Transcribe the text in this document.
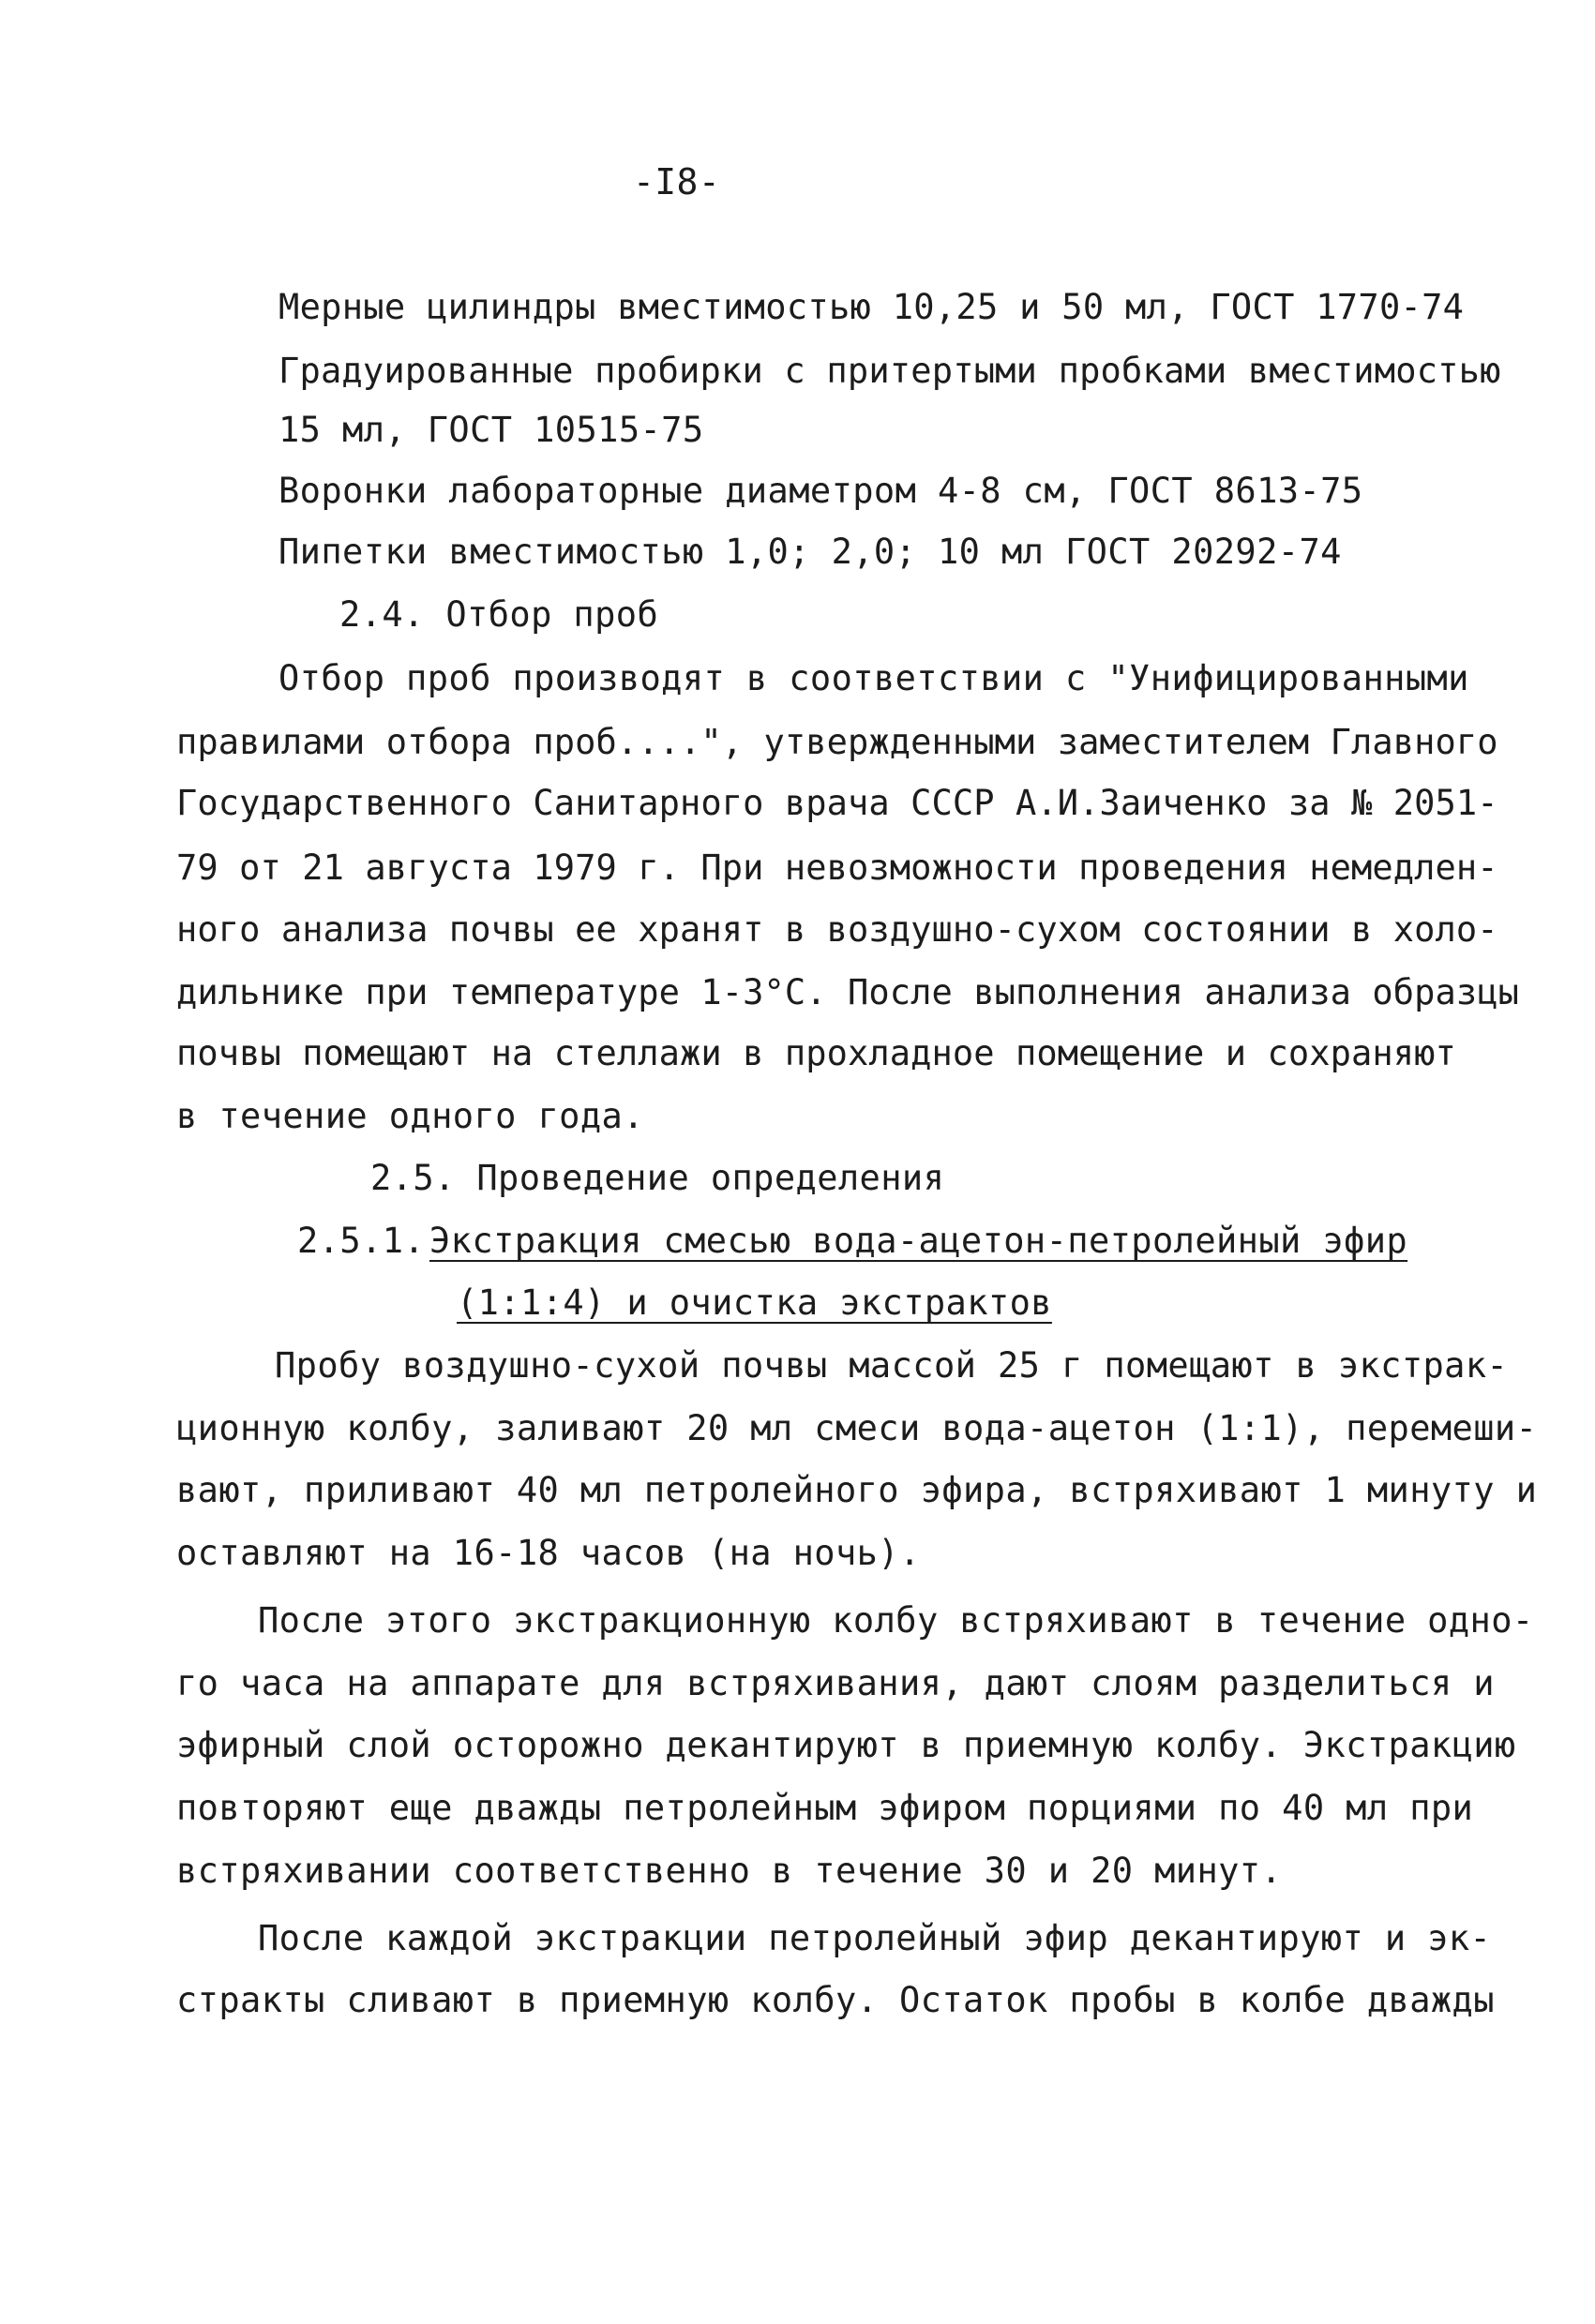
-I8-
Мерные цилиндры вместимостью 10,25 и 50 мл, ГОСТ 1770-74
Градуированные пробирки с притертыми пробками вместимостью
15 мл, ГОСТ 10515-75
Воронки лабораторные диаметром 4-8 см, ГОСТ 8613-75
Пипетки вместимостью 1,0; 2,0; 10 мл ГОСТ 20292-74
2.4. Отбор проб
Отбор проб производят в соответствии с "Унифицированными
правилами отбора проб....", утвержденными заместителем Главного
Государственного Санитарного врача СССР А.И.Заиченко за № 2051-
79 от 21 августа 1979 г. При невозможности проведения немедлен-
ного анализа почвы ее хранят в воздушно-сухом состоянии в холо-
дильнике при температуре 1-3°С. После выполнения анализа образцы
почвы помещают на стеллажи в прохладное помещение и сохраняют
в течение одного года.
2.5. Проведение определения
2.5.1. Экстракция смесью вода-ацетон-петролейный эфир
(1:1:4) и очистка экстрактов
Пробу воздушно-сухой почвы массой 25 г помещают в экстрак-
ционную колбу, заливают 20 мл смеси вода-ацетон (1:1), перемеши-
вают, приливают 40 мл петролейного эфира, встряхивают 1 минуту и
оставляют на 16-18 часов (на ночь).
После этого экстракционную колбу встряхивают в течение одно-
го часа на аппарате для встряхивания, дают слоям разделиться и
эфирный слой осторожно декантируют в приемную колбу. Экстракцию
повторяют еще дважды петролейным эфиром порциями по 40 мл при
встряхивании соответственно в течение 30 и 20 минут.
После каждой экстракции петролейный эфир декантируют и эк-
стракты сливают в приемную колбу. Остаток пробы в колбе дважды
